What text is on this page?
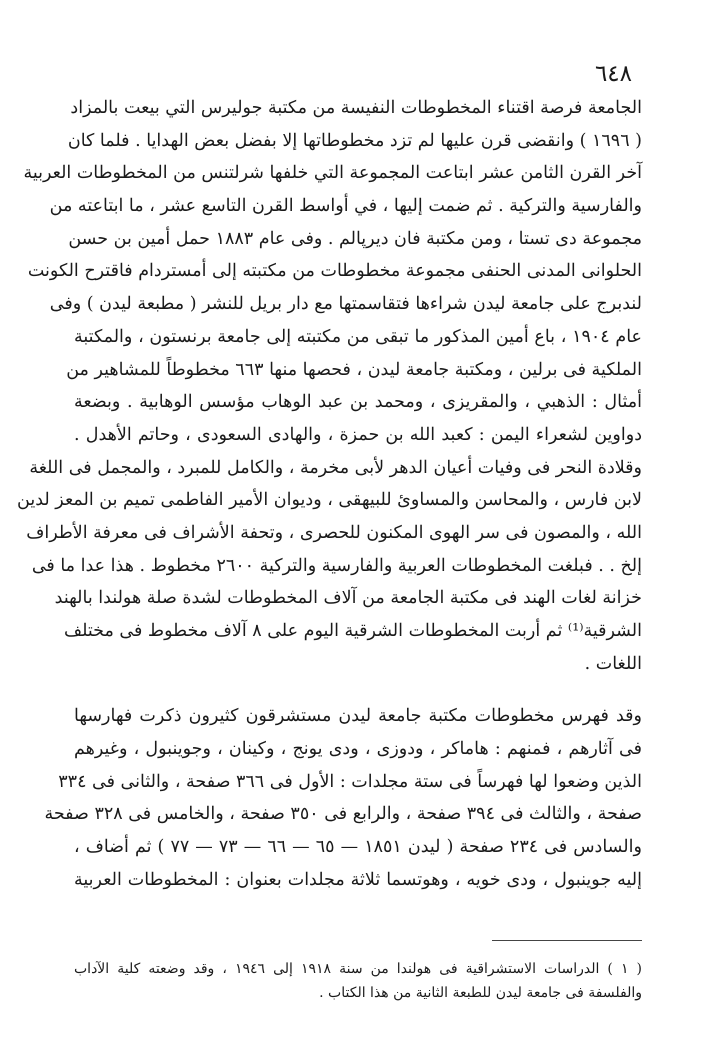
٦٤٨
الجامعة فرصة اقتناء المخطوطات النفيسة من مكتبة جوليرس التي بيعت بالمزاد
( ١٦٩٦ ) وانقضى قرن عليها لم تزد مخطوطاتها إلا بفضل بعض الهدايا . فلما كان
آخر القرن الثامن عشر ابتاعت المجموعة التي خلفها شرلتنس من المخطوطات العربية
والفارسية والتركية . ثم ضمت إليها ، في أواسط القرن التاسع عشر ، ما ابتاعته من
مجموعة دى تستا ، ومن مكتبة فان ديرپالم . وفى عام ١٨٨٣ حمل أمين بن حسن
الحلوانى المدنى الحنفى مجموعة مخطوطات من مكتبته إلى أمستردام فاقترح الكونت
لندبرج على جامعة ليدن شراءها فتقاسمتها مع دار بريل للنشر ( مطبعة ليدن ) وفى
عام ١٩٠٤ ، باع أمين المذكور ما تبقى من مكتبته إلى جامعة برنستون ، والمكتبة
الملكية فى برلين ، ومكتبة جامعة ليدن ، فحصها منها ٦٦٣ مخطوطاً للمشاهير من
أمثال : الذهبي ، والمقريزى ، ومحمد بن عبد الوهاب مؤسس الوهابية . وبضعة
دواوين لشعراء اليمن : كعبد الله بن حمزة ، والهادى السعودى ، وحاتم الأهدل .
وقلادة النحر فى وفيات أعيان الدهر لأبى مخرمة ، والكامل للمبرد ، والمجمل فى اللغة
لابن فارس ، والمحاسن والمساوئ للبيهقى ، وديوان الأمير الفاطمى تميم بن المعز لدين
الله ، والمصون فى سر الهوى المكنون للحصرى ، وتحفة الأشراف فى معرفة الأطراف
إلخ . . فبلغت المخطوطات العربية والفارسية والتركية ٢٦٠٠ مخطوط . هذا عدا ما فى
خزانة لغات الهند فى مكتبة الجامعة من آلاف المخطوطات لشدة صلة هولندا بالهند
الشرقية⁽¹⁾ ثم أربت المخطوطات الشرقية اليوم على ٨ آلاف مخطوط فى مختلف
اللغات .
وقد فهرس مخطوطات مكتبة جامعة ليدن مستشرقون كثيرون ذكرت فهارسها
فى آثارهم ، فمنهم : هاماكر ، ودوزى ، ودى يونج ، وكينان ، وجوينبول ، وغيرهم
الذين وضعوا لها فهرساً فى ستة مجلدات : الأول فى ٣٦٦ صفحة ، والثانى فى ٣٣٤
صفحة ، والثالث فى ٣٩٤ صفحة ، والرابع فى ٣٥٠ صفحة ، والخامس فى ٣٢٨ صفحة
والسادس فى ٢٣٤ صفحة ( ليدن ١٨٥١ — ٦٥ — ٦٦ — ٧٣ — ٧٧ ) ثم أضاف ،
إليه جوينبول ، ودى خويه ، وهوتسما ثلاثة مجلدات بعنوان : المخطوطات العربية
( ١ ) الدراسات الاستشراقية فى هولندا من سنة ١٩١٨ إلى ١٩٤٦ ، وقد وضعته كلية الآداب
والفلسفة فى جامعة ليدن للطبعة الثانية من هذا الكتاب .
